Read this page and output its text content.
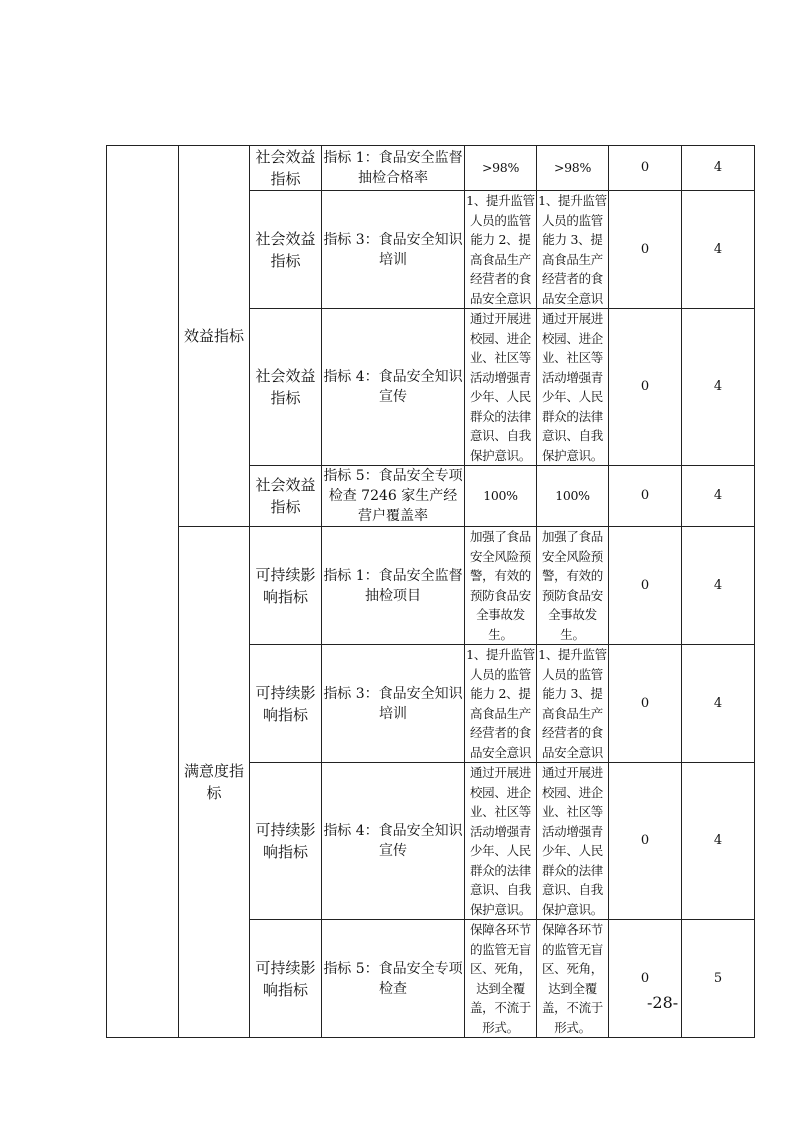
	效益指标	社会效益指标	指标 1：食品安全监督抽检合格率	>98%	>98%	0	4
		社会效益指标	指标 3：食品安全知识培训	1、提升监管人员的监管能力 2、提高食品生产经营者的食品安全意识	1、提升监管人员的监管能力 3、提高食品生产经营者的食品安全意识	0	4
		社会效益指标	指标 4：食品安全知识宣传	通过开展进校园、进企业、社区等活动增强青少年、人民群众的法律意识、自我保护意识。	通过开展进校园、进企业、社区等活动增强青少年、人民群众的法律意识、自我保护意识。	0	4
		社会效益指标	指标 5：食品安全专项检查 7246 家生产经营户覆盖率	100%	100%	0	4
	满意度指标	可持续影响指标	指标 1：食品安全监督抽检项目	加强了食品安全风险预警，有效的预防食品安全事故发生。	加强了食品安全风险预警，有效的预防食品安全事故发生。	0	4
		可持续影响指标	指标 3：食品安全知识培训	1、提升监管人员的监管能力 2、提高食品生产经营者的食品安全意识	1、提升监管人员的监管能力 3、提高食品生产经营者的食品安全意识	0	4
		可持续影响指标	指标 4：食品安全知识宣传	通过开展进校园、进企业、社区等活动增强青少年、人民群众的法律意识、自我保护意识。	通过开展进校园、进企业、社区等活动增强青少年、人民群众的法律意识、自我保护意识。	0	4
		可持续影响指标	指标 5：食品安全专项检查	保障各环节的监管无盲区、死角，达到全覆盖，不流于形式。	保障各环节的监管无盲区、死角，达到全覆盖，不流于形式。	0	5
-28-
